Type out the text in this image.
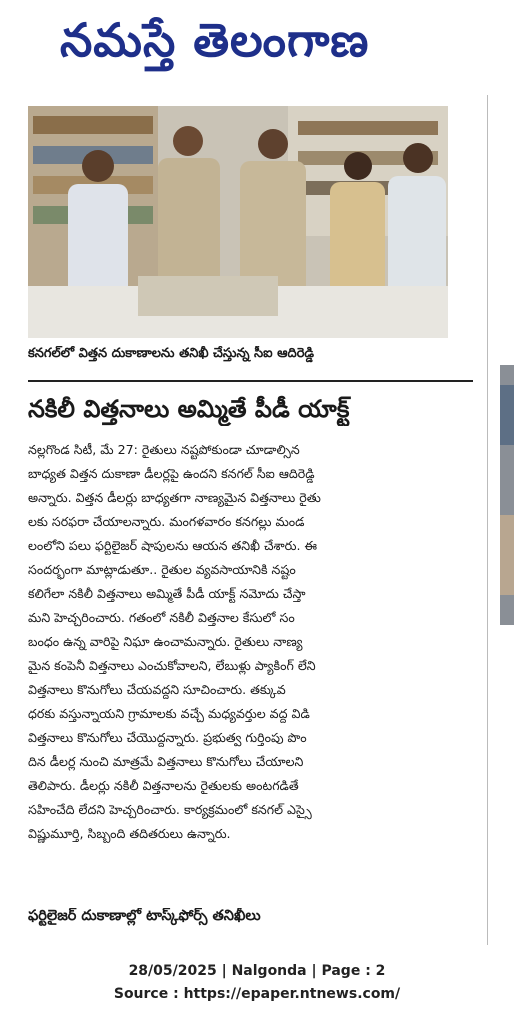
నమస్తే తెలంగాణ
కనగల్‌లో విత్తన దుకాణాలను తనిఖీ చేస్తున్న సీఐ ఆదిరెడ్డి
నకిలీ విత్తనాలు అమ్మితే పీడీ యాక్ట్‌
నల్లగొండ సిటీ, మే 27: రైతులు నష్టపోకుండా చూడాల్సిన
బాధ్యత విత్తన దుకాణా డీలర్లపై ఉందని కనగల్‌ సీఐ ఆదిరెడ్డి
అన్నారు. విత్తన డీలర్లు బాధ్యతగా నాణ్యమైన విత్తనాలు రైతు
లకు సరఫరా చేయాలన్నారు. మంగళవారం కనగల్లు మండ
లంలోని పలు ఫర్టిలైజర్‌ షాపులను ఆయన తనిఖీ చేశారు. ఈ
సందర్భంగా మాట్లాడుతూ.. రైతుల వ్యవసాయానికి నష్టం
కలిగేలా నకిలీ విత్తనాలు అమ్మితే పీడీ యాక్ట్‌ నమోదు చేస్తా
మని హెచ్చరించారు. గతంలో నకిలీ విత్తనాల కేసులో సం
బంధం ఉన్న వారిపై నిఘా ఉంచామన్నారు. రైతులు నాణ్య
మైన కంపెనీ విత్తనాలు ఎంచుకోవాలని, లేబుళ్లు ప్యాకింగ్‌ లేని
విత్తనాలు కొనుగోలు చేయవద్దని సూచించారు. తక్కువ
ధరకు వస్తున్నాయని గ్రామాలకు వచ్చే మధ్యవర్తుల వద్ద విడి
విత్తనాలు కొనుగోలు చేయొద్దన్నారు. ప్రభుత్వ గుర్తింపు పొం
దిన డీలర్ల నుంచి మాత్రమే విత్తనాలు కొనుగోలు చేయాలని
తెలిపారు. డీలర్లు నకిలీ విత్తనాలను రైతులకు అంటగడితే
సహించేది లేదని హెచ్చరించారు. కార్యక్రమంలో కనగల్‌ ఎస్సై
విష్ణుమూర్తి, సిబ్బంది తదితరులు ఉన్నారు.
ఫర్టిలైజర్‌ దుకాణాల్లో టాస్క్‌ఫోర్స్‌ తనిఖీలు
28/05/2025 | Nalgonda | Page : 2
Source : https://epaper.ntnews.com/
